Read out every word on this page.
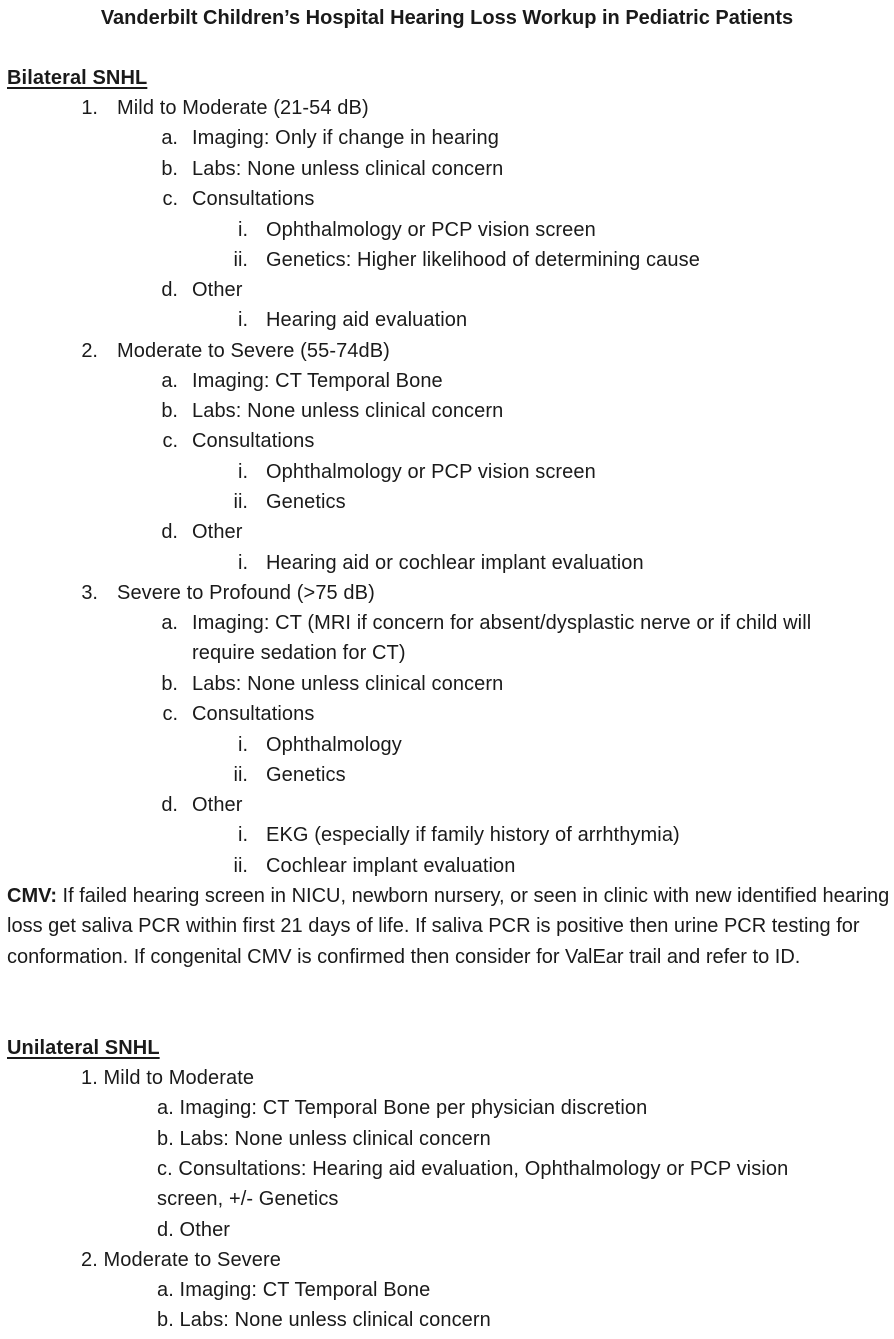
Vanderbilt Children’s Hospital Hearing Loss Workup in Pediatric Patients
Bilateral SNHL
1. Mild to Moderate (21-54 dB)
a. Imaging: Only if change in hearing
b. Labs: None unless clinical concern
c. Consultations
i. Ophthalmology or PCP vision screen
ii. Genetics: Higher likelihood of determining cause
d. Other
i. Hearing aid evaluation
2. Moderate to Severe (55-74dB)
a. Imaging: CT Temporal Bone
b. Labs: None unless clinical concern
c. Consultations
i. Ophthalmology or PCP vision screen
ii. Genetics
d. Other
i. Hearing aid or cochlear implant evaluation
3. Severe to Profound (>75 dB)
a. Imaging: CT (MRI if concern for absent/dysplastic nerve or if child will
require sedation for CT)
b. Labs: None unless clinical concern
c. Consultations
i. Ophthalmology
ii. Genetics
d. Other
i. EKG (especially if family history of arrhthymia)
ii. Cochlear implant evaluation
CMV: If failed hearing screen in NICU, newborn nursery, or seen in clinic with new identified hearing loss get saliva PCR within first 21 days of life. If saliva PCR is positive then urine PCR testing for conformation. If congenital CMV is confirmed then consider for ValEar trail and refer to ID.
Unilateral SNHL
1. Mild to Moderate
a. Imaging: CT Temporal Bone per physician discretion
b. Labs: None unless clinical concern
c. Consultations: Hearing aid evaluation, Ophthalmology or PCP vision
screen, +/- Genetics
d. Other
2. Moderate to Severe
a. Imaging: CT Temporal Bone
b. Labs: None unless clinical concern
